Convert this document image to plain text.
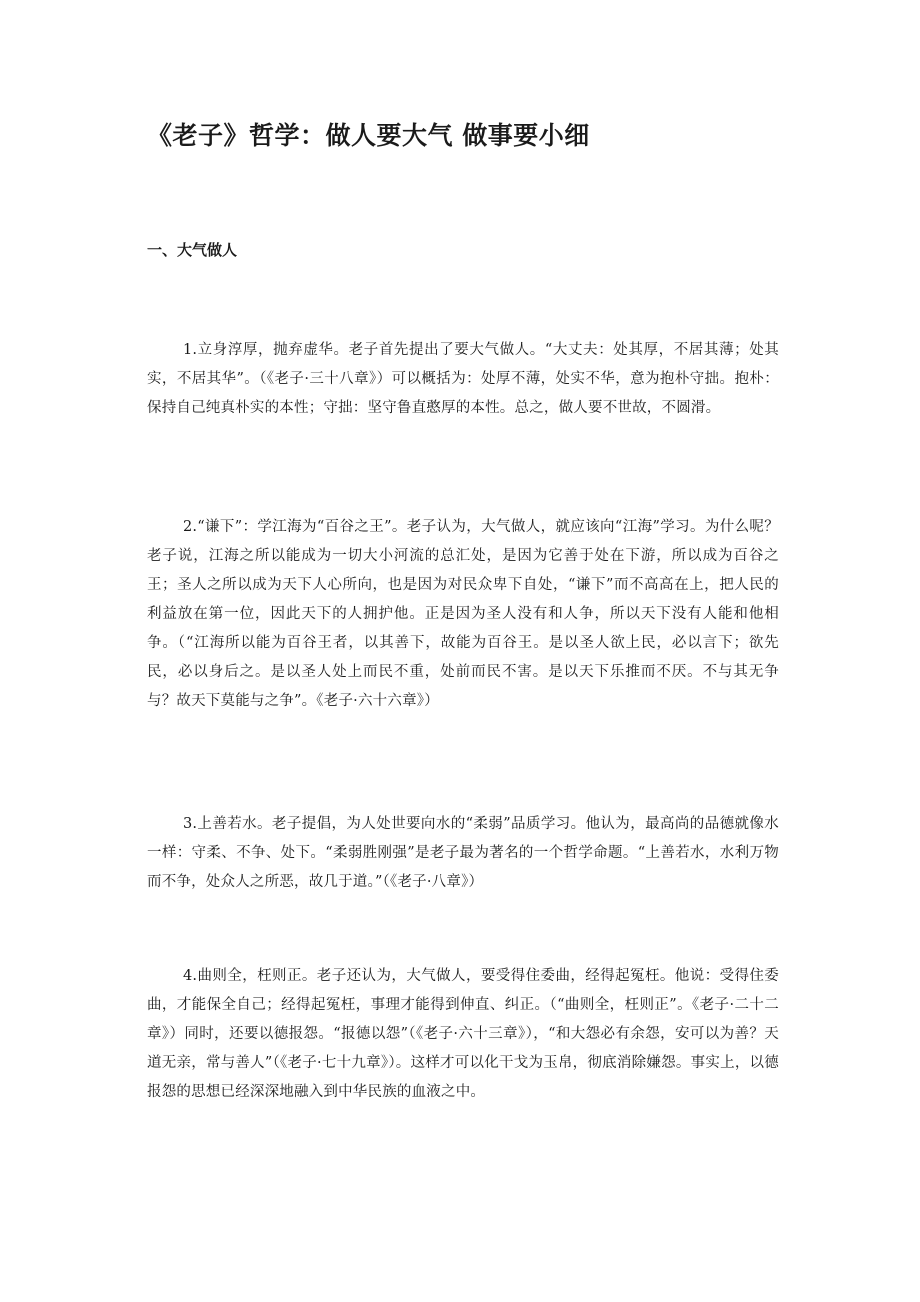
《老子》哲学：做人要大气 做事要小细
一、大气做人

1.立身淳厚，抛弃虚华。老子首先提出了要大气做人。“大丈夫：处其厚，不居其薄；处其实，不居其华”。（《老子·三十八章》）可以概括为：处厚不薄，处实不华，意为抱朴守拙。抱朴：保持自己纯真朴实的本性；守拙：坚守鲁直憨厚的本性。总之，做人要不世故，不圆滑。

2.“谦下”：学江海为“百谷之王”。老子认为，大气做人，就应该向“江海”学习。为什么呢？老子说，江海之所以能成为一切大小河流的总汇处，是因为它善于处在下游，所以成为百谷之王；圣人之所以成为天下人心所向，也是因为对民众卑下自处，“谦下”而不高高在上，把人民的利益放在第一位，因此天下的人拥护他。正是因为圣人没有和人争，所以天下没有人能和他相争。（“江海所以能为百谷王者，以其善下，故能为百谷王。是以圣人欲上民，必以言下；欲先民，必以身后之。是以圣人处上而民不重，处前而民不害。是以天下乐推而不厌。不与其无争与？故天下莫能与之争”。《老子·六十六章》）

3.上善若水。老子提倡，为人处世要向水的“柔弱”品质学习。他认为，最高尚的品德就像水一样：守柔、不争、处下。“柔弱胜刚强”是老子最为著名的一个哲学命题。“上善若水，水利万物而不争，处众人之所恶，故几于道。”（《老子·八章》）

4.曲则全，枉则正。老子还认为，大气做人，要受得住委曲，经得起冤枉。他说：受得住委曲，才能保全自己；经得起冤枉，事理才能得到伸直、纠正。（“曲则全，枉则正”。《老子·二十二章》）同时，还要以德报怨。“报德以怨”（《老子·六十三章》），“和大怨必有余怨，安可以为善？天道无亲，常与善人”（《老子·七十九章》）。这样才可以化干戈为玉帛，彻底消除嫌怨。事实上，以德报怨的思想已经深深地融入到中华民族的血液之中。
